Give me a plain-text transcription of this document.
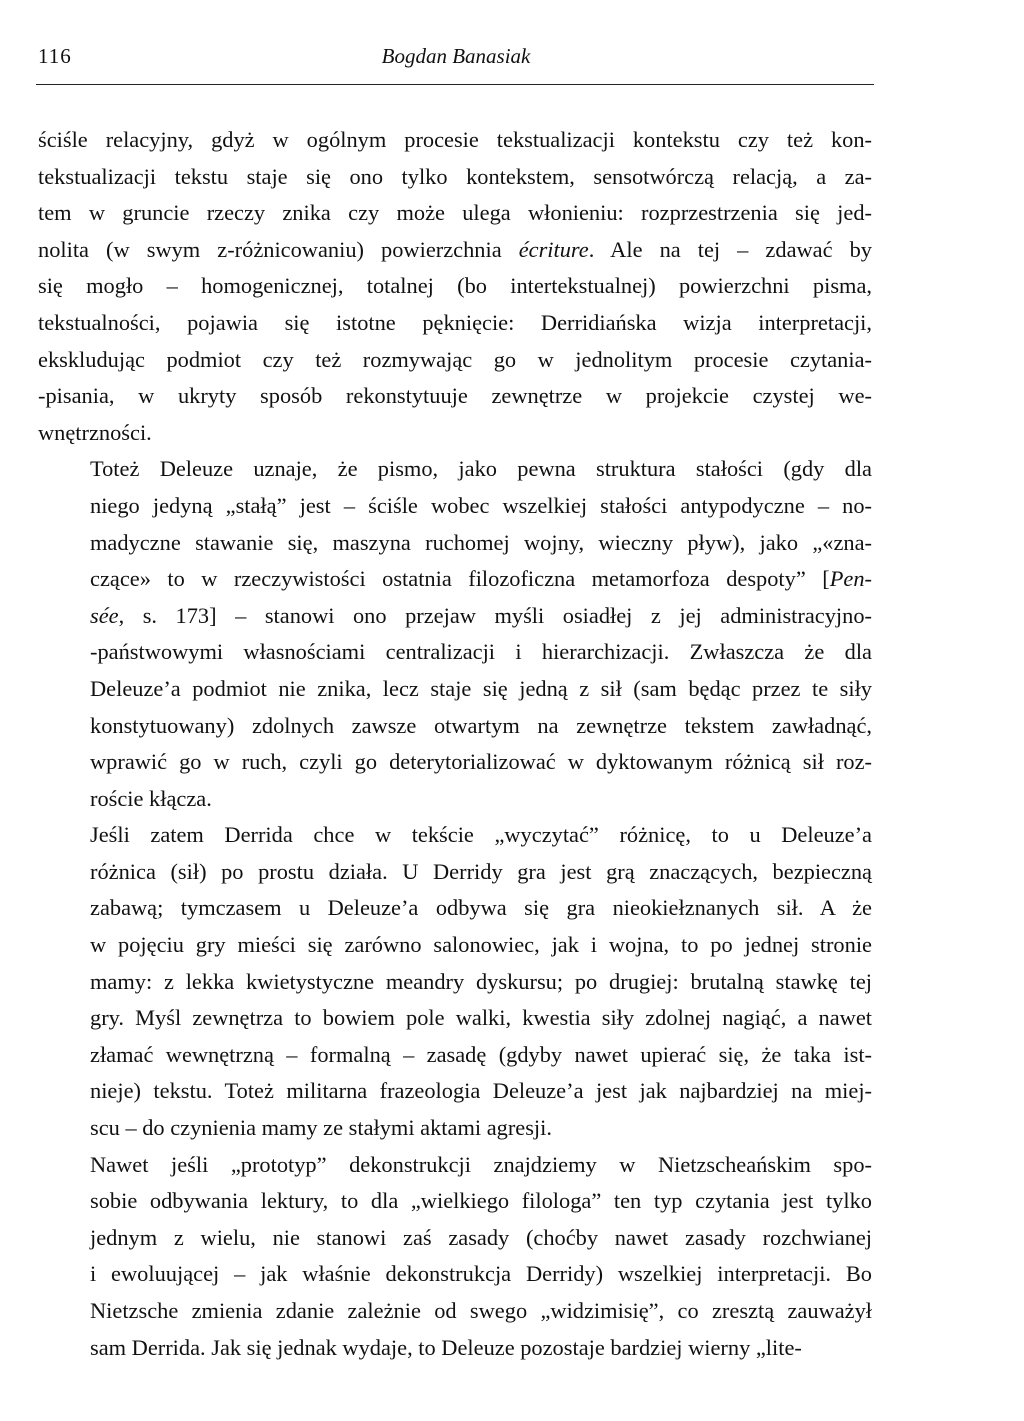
116	Bogdan Banasiak

ściśle relacyjny, gdyż w ogólnym procesie tekstualizacji kontekstu czy też kon-
tekstualizacji tekstu staje się ono tylko kontekstem, sensotwórczą relacją, a za-
tem w gruncie rzeczy znika czy może ulega włonieniu: rozprzestrzenia się jed-
nolita (w swym z-różnicowaniu) powierzchnia écriture. Ale na tej – zdawać by
się mogło – homogenicznej, totalnej (bo intertekstualnej) powierzchni pisma,
tekstualności, pojawia się istotne pęknięcie: Derridiańska wizja interpretacji,
ekskludując podmiot czy też rozmywając go w jednolitym procesie czytania-
-pisania, w ukryty sposób rekonstytuuje zewnętrze w projekcie czystej we-
wnętrzności.

Toteż Deleuze uznaje, że pismo, jako pewna struktura stałości (gdy dla
niego jedyną „stałą” jest – ściśle wobec wszelkiej stałości antypodyczne – no-
madyczne stawanie się, maszyna ruchomej wojny, wieczny pływ), jako „«zna-
czące» to w rzeczywistości ostatnia filozoficzna metamorfoza despoty” [Pen-
sée, s. 173] – stanowi ono przejaw myśli osiadłej z jej administracyjno-
-państwowymi własnościami centralizacji i hierarchizacji. Zwłaszcza że dla
Deleuze’a podmiot nie znika, lecz staje się jedną z sił (sam będąc przez te siły
konstytuowany) zdolnych zawsze otwartym na zewnętrze tekstem zawładnąć,
wprawić go w ruch, czyli go deterytorializować w dyktowanym różnicą sił roz-
roście kłącza.

Jeśli zatem Derrida chce w tekście „wyczytać” różnicę, to u Deleuze’a
różnica (sił) po prostu działa. U Derridy gra jest grą znaczących, bezpieczną
zabawą; tymczasem u Deleuze’a odbywa się gra nieokiełznanych sił. A że
w pojęciu gry mieści się zarówno salonowiec, jak i wojna, to po jednej stronie
mamy: z lekka kwietystyczne meandry dyskursu; po drugiej: brutalną stawkę tej
gry. Myśl zewnętrza to bowiem pole walki, kwestia siły zdolnej nagiąć, a nawet
złamać wewnętrzną – formalną – zasadę (gdyby nawet upierać się, że taka ist-
nieje) tekstu. Toteż militarna frazeologia Deleuze’a jest jak najbardziej na miej-
scu – do czynienia mamy ze stałymi aktami agresji.

Nawet jeśli „prototyp” dekonstrukcji znajdziemy w Nietzscheańskim spo-
sobie odbywania lektury, to dla „wielkiego filologa” ten typ czytania jest tylko
jednym z wielu, nie stanowi zaś zasady (choćby nawet zasady rozchwianej
i ewoluującej – jak właśnie dekonstrukcja Derridy) wszelkiej interpretacji. Bo
Nietzsche zmienia zdanie zależnie od swego „widzimisię”, co zresztą zauważył
sam Derrida. Jak się jednak wydaje, to Deleuze pozostaje bardziej wierny „lite-
